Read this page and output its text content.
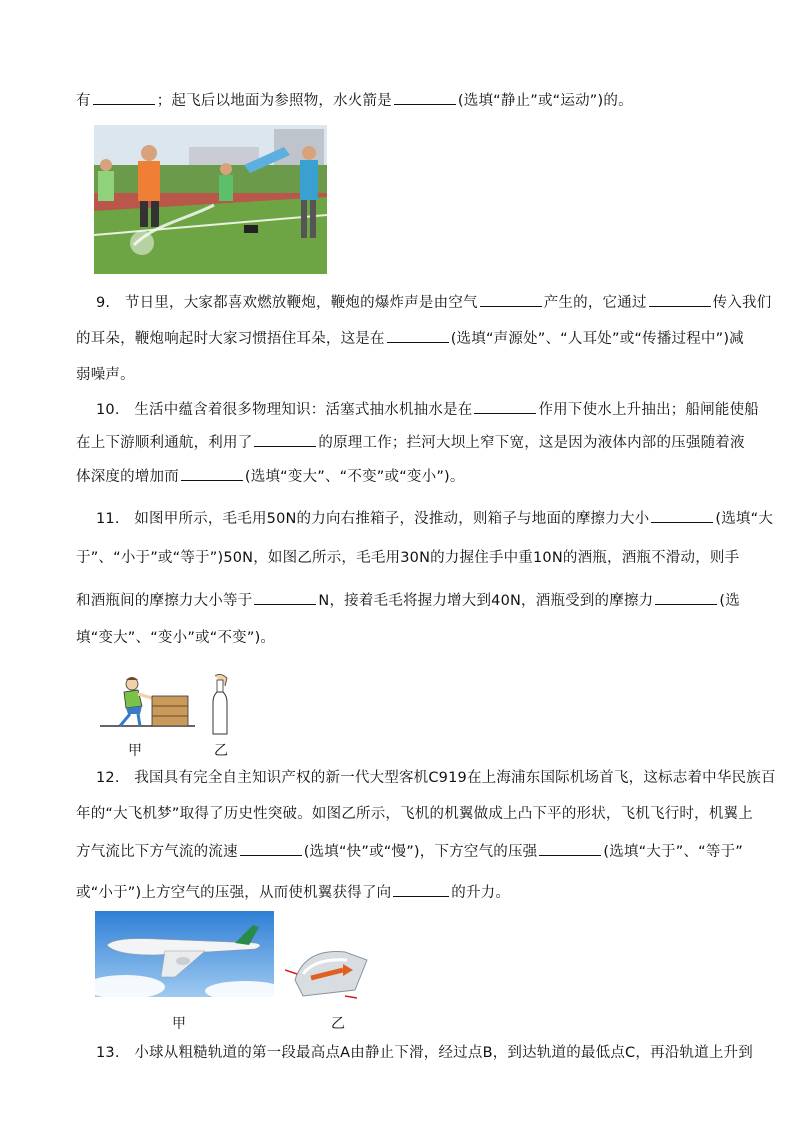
有	；起飞后以地面为参照物，水火箭是	(选填“静止”或“运动”)的。
9.　节日里，大家都喜欢燃放鞭炮，鞭炮的爆炸声是由空气	产生的，它通过	传入我们
的耳朵，鞭炮响起时大家习惯捂住耳朵，这是在	(选填“声源处”、“人耳处”或“传播过程中”)减
弱噪声。
10.　生活中蕴含着很多物理知识：活塞式抽水机抽水是在	作用下使水上升抽出；船闸能使船
在上下游顺利通航，利用了	的原理工作；拦河大坝上窄下宽，这是因为液体内部的压强随着液
体深度的增加而	(选填“变大”、“不变”或“变小”)。
11.　如图甲所示，毛毛用50N的力向右推箱子，没推动，则箱子与地面的摩擦力大小	(选填“大
于”、“小于”或“等于”)50N，如图乙所示，毛毛用30N的力握住手中重10N的酒瓶，酒瓶不滑动，则手
和酒瓶间的摩擦力大小等于	N，接着毛毛将握力增大到40N，酒瓶受到的摩擦力	(选
填“变大”、“变小”或“不变”)。
甲	乙
12.　我国具有完全自主知识产权的新一代大型客机C919在上海浦东国际机场首飞，这标志着中华民族百
年的“大飞机梦”取得了历史性突破。如图乙所示，飞机的机翼做成上凸下平的形状，飞机飞行时，机翼上
方气流比下方气流的流速	(选填“快”或“慢”)，下方空气的压强	(选填“大于”、“等于”
或“小于”)上方空气的压强，从而使机翼获得了向	的升力。
甲	乙
13.　小球从粗糙轨道的第一段最高点A由静止下滑，经过点B，到达轨道的最低点C，再沿轨道上升到
